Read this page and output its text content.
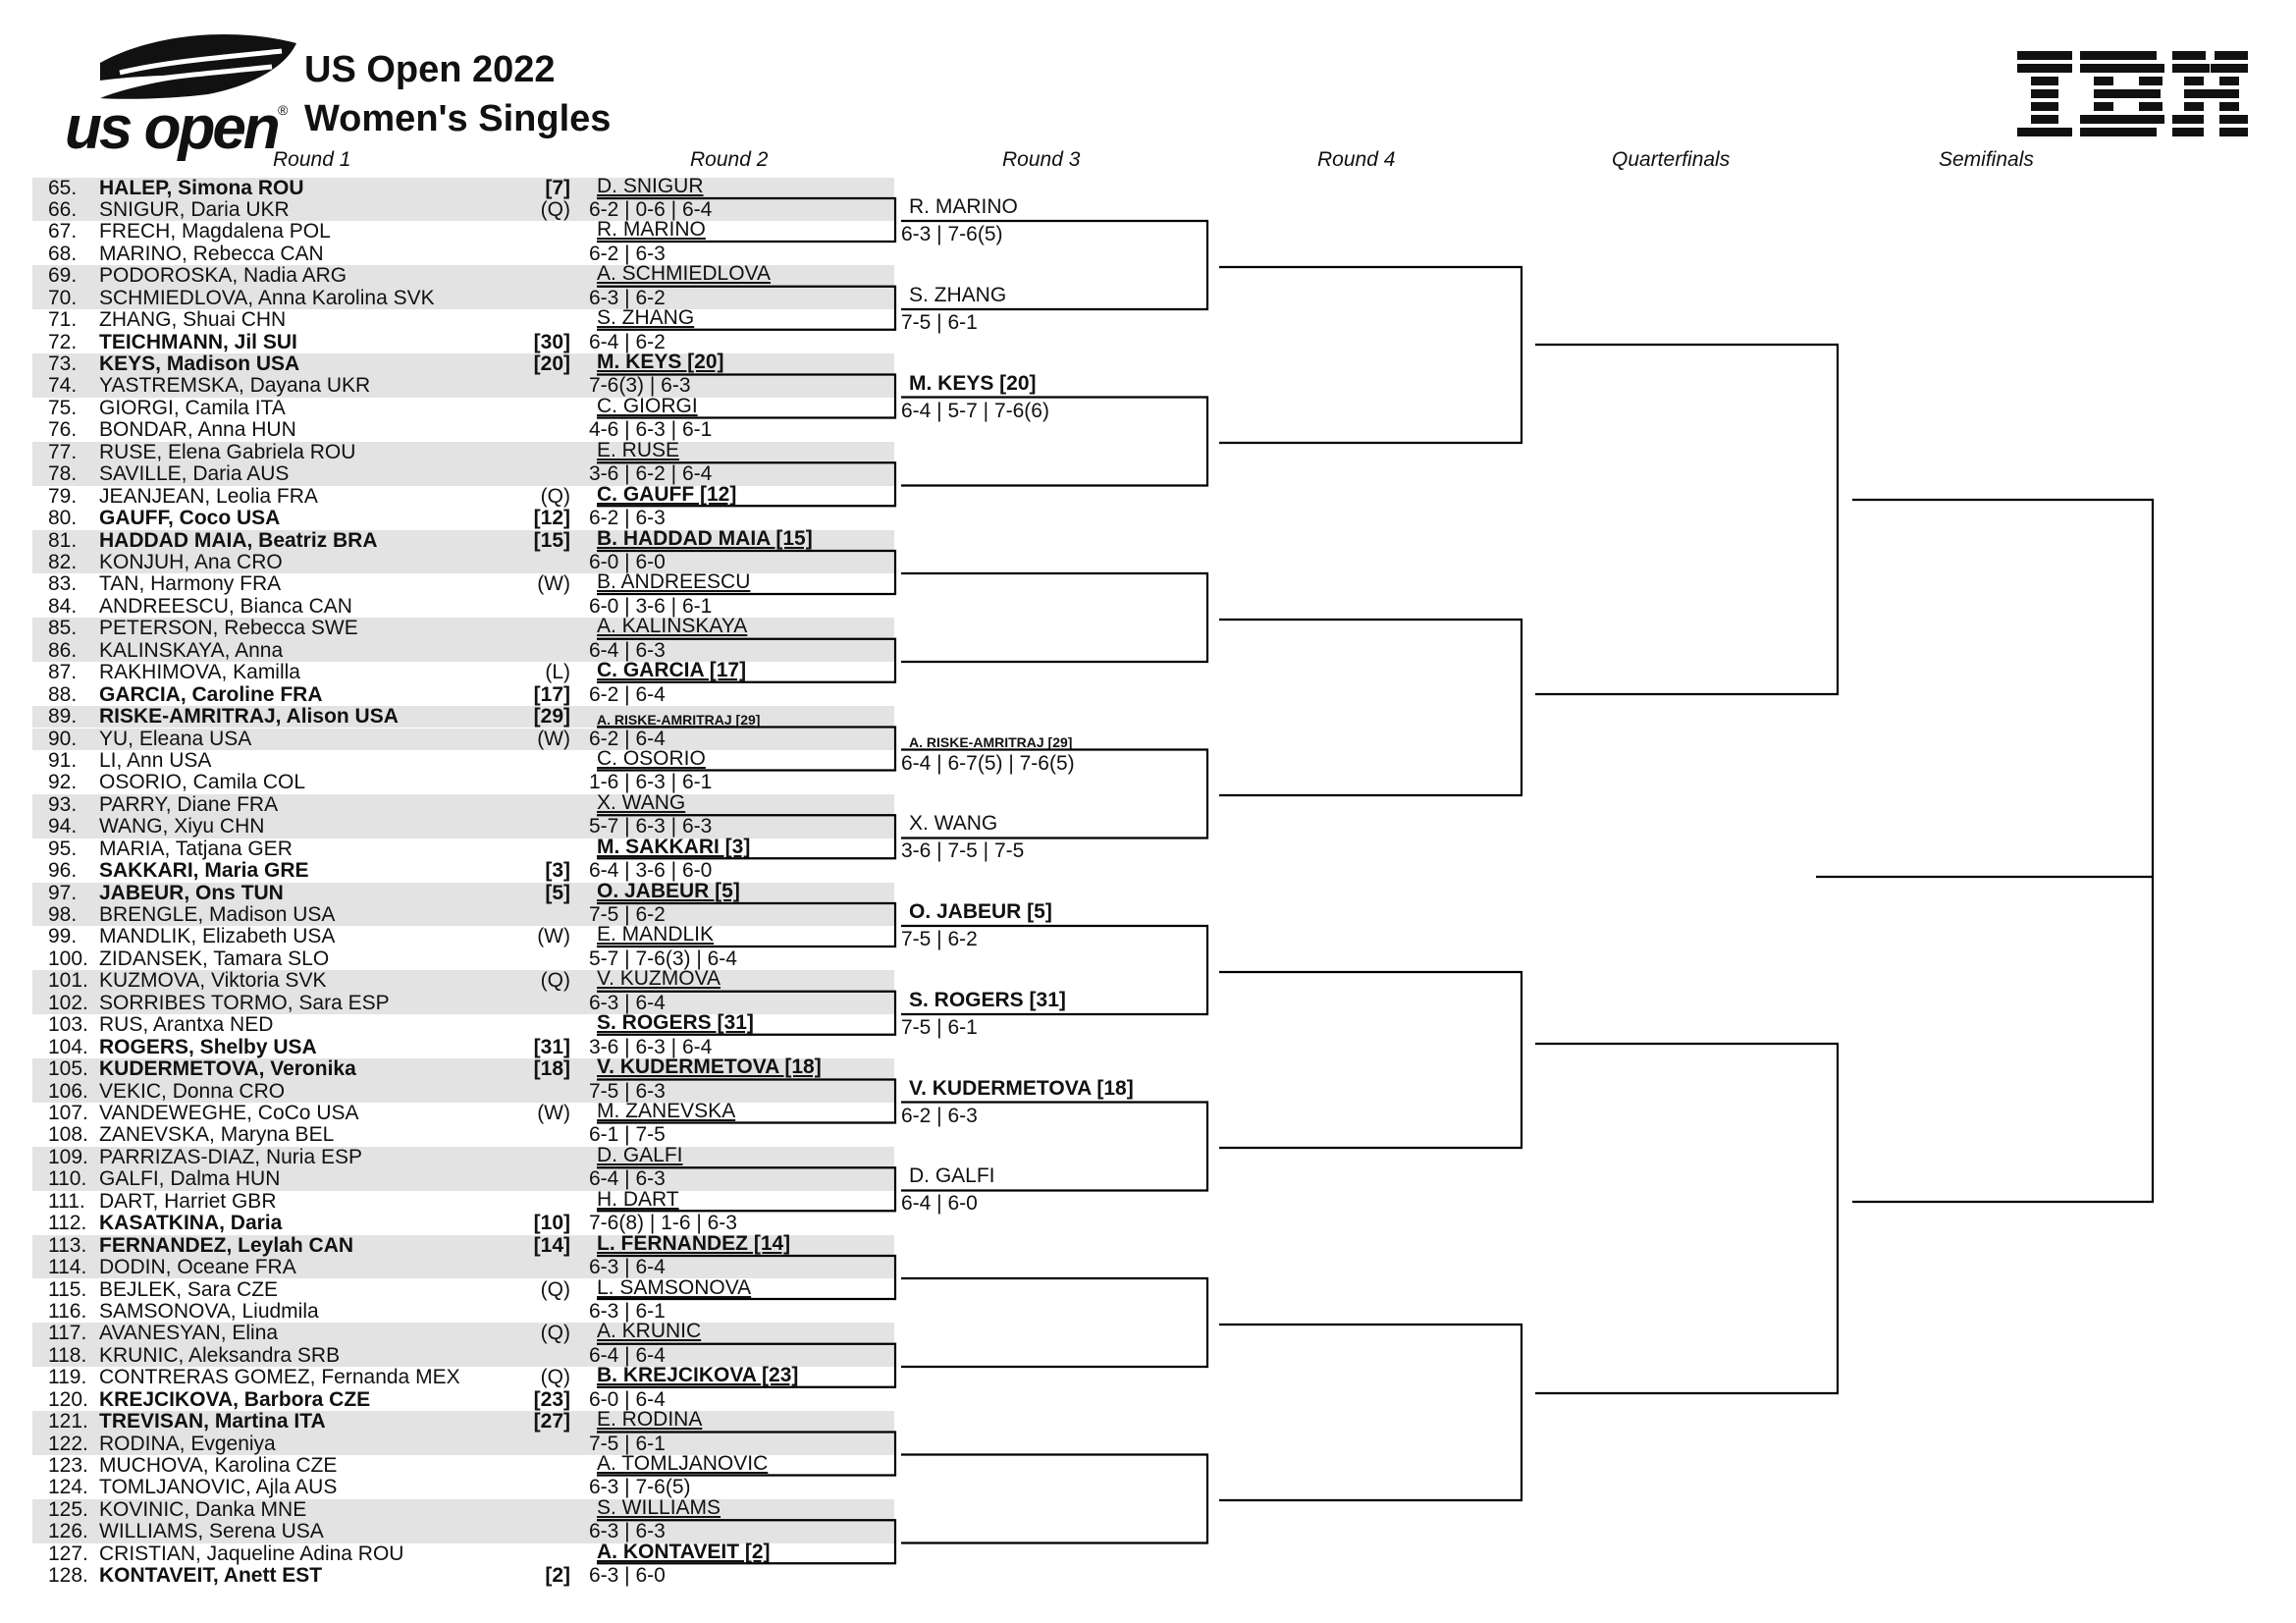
us open ®
US Open 2022
Women's Singles
Round 1	Round 2	Round 3	Round 4	Quarterfinals	Semifinals
65. HALEP, Simona ROU	[7]
66. SNIGUR, Daria UKR	(Q)
67. FRECH, Magdalena POL
68. MARINO, Rebecca CAN
69. PODOROSKA, Nadia ARG
70. SCHMIEDLOVA, Anna Karolina SVK
71. ZHANG, Shuai CHN
72. TEICHMANN, Jil SUI	[30]
73. KEYS, Madison USA	[20]
74. YASTREMSKA, Dayana UKR
75. GIORGI, Camila ITA
76. BONDAR, Anna HUN
77. RUSE, Elena Gabriela ROU
78. SAVILLE, Daria AUS
79. JEANJEAN, Leolia FRA	(Q)
80. GAUFF, Coco USA	[12]
81. HADDAD MAIA, Beatriz BRA	[15]
82. KONJUH, Ana CRO
83. TAN, Harmony FRA	(W)
84. ANDREESCU, Bianca CAN
85. PETERSON, Rebecca SWE
86. KALINSKAYA, Anna
87. RAKHIMOVA, Kamilla	(L)
88. GARCIA, Caroline FRA	[17]
89. RISKE-AMRITRAJ, Alison USA	[29]
90. YU, Eleana USA	(W)
91. LI, Ann USA
92. OSORIO, Camila COL
93. PARRY, Diane FRA
94. WANG, Xiyu CHN
95. MARIA, Tatjana GER
96. SAKKARI, Maria GRE	[3]
97. JABEUR, Ons TUN	[5]
98. BRENGLE, Madison USA
99. MANDLIK, Elizabeth USA	(W)
100. ZIDANSEK, Tamara SLO
101. KUZMOVA, Viktoria SVK	(Q)
102. SORRIBES TORMO, Sara ESP
103. RUS, Arantxa NED
104. ROGERS, Shelby USA	[31]
105. KUDERMETOVA, Veronika	[18]
106. VEKIC, Donna CRO
107. VANDEWEGHE, CoCo USA	(W)
108. ZANEVSKA, Maryna BEL
109. PARRIZAS-DIAZ, Nuria ESP
110. GALFI, Dalma HUN
111. DART, Harriet GBR
112. KASATKINA, Daria	[10]
113. FERNANDEZ, Leylah CAN	[14]
114. DODIN, Oceane FRA
115. BEJLEK, Sara CZE	(Q)
116. SAMSONOVA, Liudmila
117. AVANESYAN, Elina	(Q)
118. KRUNIC, Aleksandra SRB
119. CONTRERAS GOMEZ, Fernanda MEX	(Q)
120. KREJCIKOVA, Barbora CZE	[23]
121. TREVISAN, Martina ITA	[27]
122. RODINA, Evgeniya
123. MUCHOVA, Karolina CZE
124. TOMLJANOVIC, Ajla AUS
125. KOVINIC, Danka MNE
126. WILLIAMS, Serena USA
127. CRISTIAN, Jaqueline Adina ROU
128. KONTAVEIT, Anett EST	[2]
D. SNIGUR
6-2 | 0-6 | 6-4
R. MARINO
6-2 | 6-3
A. SCHMIEDLOVA
6-3 | 6-2
S. ZHANG
6-4 | 6-2
M. KEYS [20]
7-6(3) | 6-3
C. GIORGI
4-6 | 6-3 | 6-1
E. RUSE
3-6 | 6-2 | 6-4
C. GAUFF [12]
6-2 | 6-3
B. HADDAD MAIA [15]
6-0 | 6-0
B. ANDREESCU
6-0 | 3-6 | 6-1
A. KALINSKAYA
6-4 | 6-3
C. GARCIA [17]
6-2 | 6-4
A. RISKE-AMRITRAJ [29]
6-2 | 6-4
C. OSORIO
1-6 | 6-3 | 6-1
X. WANG
5-7 | 6-3 | 6-3
M. SAKKARI [3]
6-4 | 3-6 | 6-0
O. JABEUR [5]
7-5 | 6-2
E. MANDLIK
5-7 | 7-6(3) | 6-4
V. KUZMOVA
6-3 | 6-4
S. ROGERS [31]
3-6 | 6-3 | 6-4
V. KUDERMETOVA [18]
7-5 | 6-3
M. ZANEVSKA
6-1 | 7-5
D. GALFI
6-4 | 6-3
H. DART
7-6(8) | 1-6 | 6-3
L. FERNANDEZ [14]
6-3 | 6-4
L. SAMSONOVA
6-3 | 6-1
A. KRUNIC
6-4 | 6-4
B. KREJCIKOVA [23]
6-0 | 6-4
E. RODINA
7-5 | 6-1
A. TOMLJANOVIC
6-3 | 7-6(5)
S. WILLIAMS
6-3 | 6-3
A. KONTAVEIT [2]
6-3 | 6-0
R. MARINO
6-3 | 7-6(5)
S. ZHANG
7-5 | 6-1
M. KEYS [20]
6-4 | 5-7 | 7-6(6)
A. RISKE-AMRITRAJ [29]
6-4 | 6-7(5) | 7-6(5)
X. WANG
3-6 | 7-5 | 7-5
O. JABEUR [5]
7-5 | 6-2
S. ROGERS [31]
7-5 | 6-1
V. KUDERMETOVA [18]
6-2 | 6-3
D. GALFI
6-4 | 6-0
